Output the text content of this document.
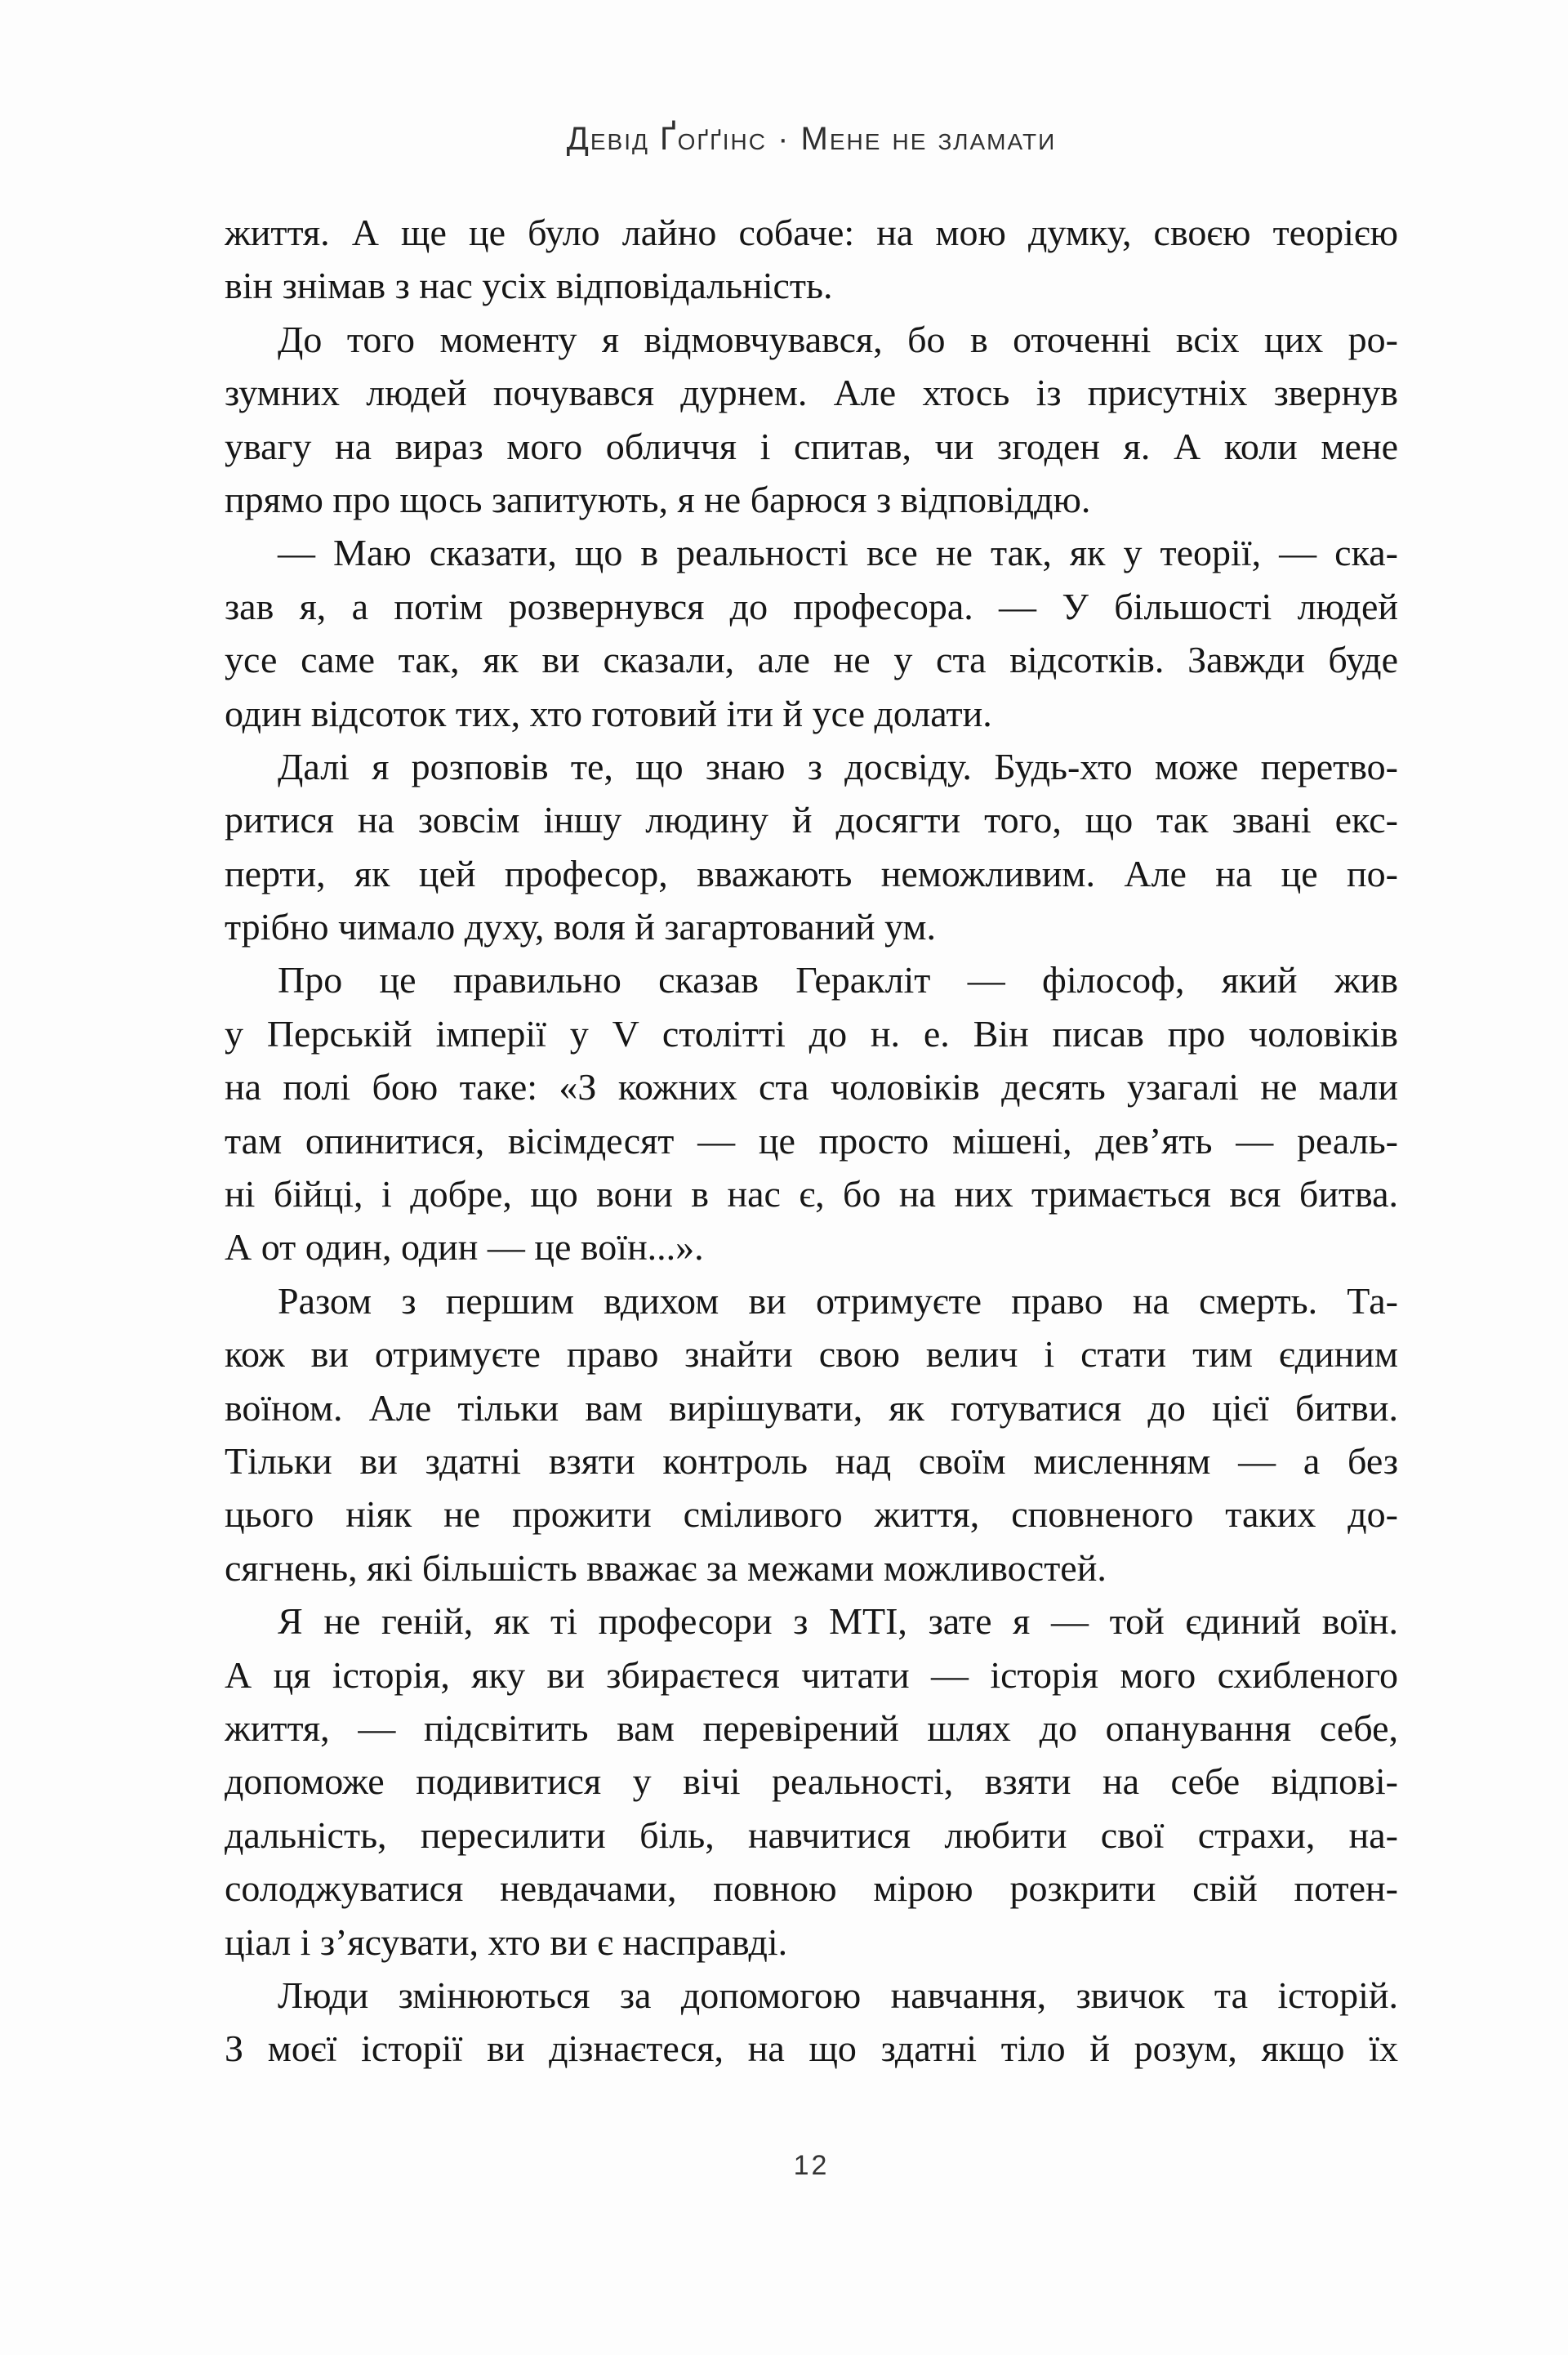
Девід Ґоґґінс · Мене не зламати
життя. А ще це було лайно собаче: на мою думку, своєю теорією
він знімав з нас усіх відповідальність.
До того моменту я відмовчувався, бо в оточенні всіх цих ро-
зумних людей почувався дурнем. Але хтось із присутніх звернув
увагу на вираз мого обличчя і спитав, чи згоден я. А коли мене
прямо про щось запитують, я не барюся з відповіддю.
— Маю сказати, що в реальності все не так, як у теорії, — ска-
зав я, а потім розвернувся до професора. — У більшості людей
усе саме так, як ви сказали, але не у ста відсотків. Завжди буде
один відсоток тих, хто готовий іти й усе долати.
Далі я розповів те, що знаю з досвіду. Будь-хто може перетво-
ритися на зовсім іншу людину й досягти того, що так звані екс-
перти, як цей професор, вважають неможливим. Але на це по-
трібно чимало духу, воля й загартований ум.
Про це правильно сказав Геракліт — філософ, який жив
у Перській імперії у V столітті до н. е. Він писав про чоловіків
на полі бою таке: «З кожних ста чоловіків десять узагалі не мали
там опинитися, вісімдесят — це просто мішені, дев’ять — реаль-
ні бійці, і добре, що вони в нас є, бо на них тримається вся битва.
А от один, один — це воїн...».
Разом з першим вдихом ви отримуєте право на смерть. Та-
кож ви отримуєте право знайти свою велич і стати тим єдиним
воїном. Але тільки вам вирішувати, як готуватися до цієї битви.
Тільки ви здатні взяти контроль над своїм мисленням — а без
цього ніяк не прожити сміливого життя, сповненого таких до-
сягнень, які більшість вважає за межами можливостей.
Я не геній, як ті професори з МТІ, зате я — той єдиний воїн.
А ця історія, яку ви збираєтеся читати — історія мого схибленого
життя, — підсвітить вам перевірений шлях до опанування себе,
допоможе подивитися у вічі реальності, взяти на себе відпові-
дальність, пересилити біль, навчитися любити свої страхи, на-
солоджуватися невдачами, повною мірою розкрити свій потен-
ціал і з’ясувати, хто ви є насправді.
Люди змінюються за допомогою навчання, звичок та історій.
З моєї історії ви дізнаєтеся, на що здатні тіло й розум, якщо їх
12
